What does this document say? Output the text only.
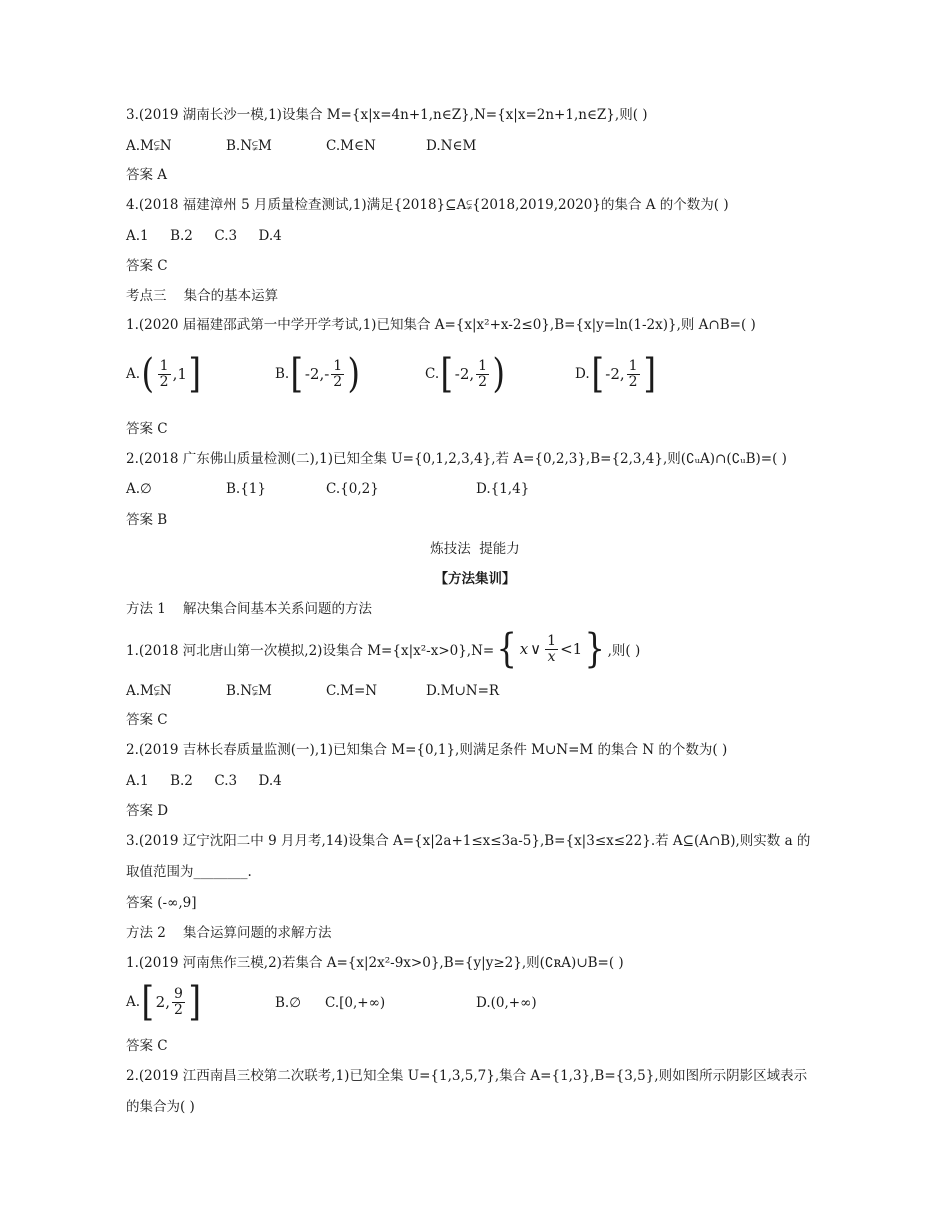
3.(2019 湖南长沙一模,1)设集合 M={x|x=4n+1,n∈Z},N={x|x=2n+1,n∈Z},则( )
A.M⫋N	B.N⫋M	C.M∈N	D.N∈M
答案 A
4.(2018 福建漳州 5 月质量检查测试,1)满足{2018}⊆A⫋{2018,2019,2020}的集合 A 的个数为( )
A.1     B.2     C.3     D.4
答案 C
考点三    集合的基本运算
1.(2020 届福建邵武第一中学开学考试,1)已知集合 A={x|x²+x-2≤0},B={x|y=ln(1-2x)},则 A∩B=( )
A. ( $\frac{1}{2} ,1$ ]	B. [ $-2,- \frac{1}{2}$ )	C. [ -2, $\frac{1}{2}$ )	D. [ -2, $\frac{1}{2}$ ]
答案 C
2.(2018 广东佛山质量检测(二),1)已知全集 U={0,1,2,3,4},若 A={0,2,3},B={2,3,4},则(∁ᵤA)∩(∁ᵤB)=( )
A.∅	B.{1}	C.{0,2}	D.{1,4}
答案 B
炼技法  提能力
【方法集训】
方法 1    解决集合间基本关系问题的方法
1.(2018 河北唐山第一次模拟,2)设集合 M={x|x²-x>0},N= { x ∨ $\frac{1}{x} <1$ } ,则( )
A.M⫋N	B.N⫋M	C.M=N	D.M∪N=R
答案 C
2.(2019 吉林长春质量监测(一),1)已知集合 M={0,1},则满足条件 M∪N=M 的集合 N 的个数为( )
A.1     B.2     C.3     D.4
答案 D
3.(2019 辽宁沈阳二中 9 月月考,14)设集合 A={x|2a+1≤x≤3a-5},B={x|3≤x≤22}.若 A⊆(A∩B),则实数 a 的
取值范围为________.
答案 (-∞,9]
方法 2    集合运算问题的求解方法
1.(2019 河南焦作三模,2)若集合 A={x|2x²-9x>0},B={y|y≥2},则(∁ʀA)∪B=( )
A. [ 2, $\frac{9}{2}$ ]	B.∅ C.[0,+∞)	D.(0,+∞)
答案 C
2.(2019 江西南昌三校第二次联考,1)已知全集 U={1,3,5,7},集合 A={1,3},B={3,5},则如图所示阴影区域表示
的集合为( )
